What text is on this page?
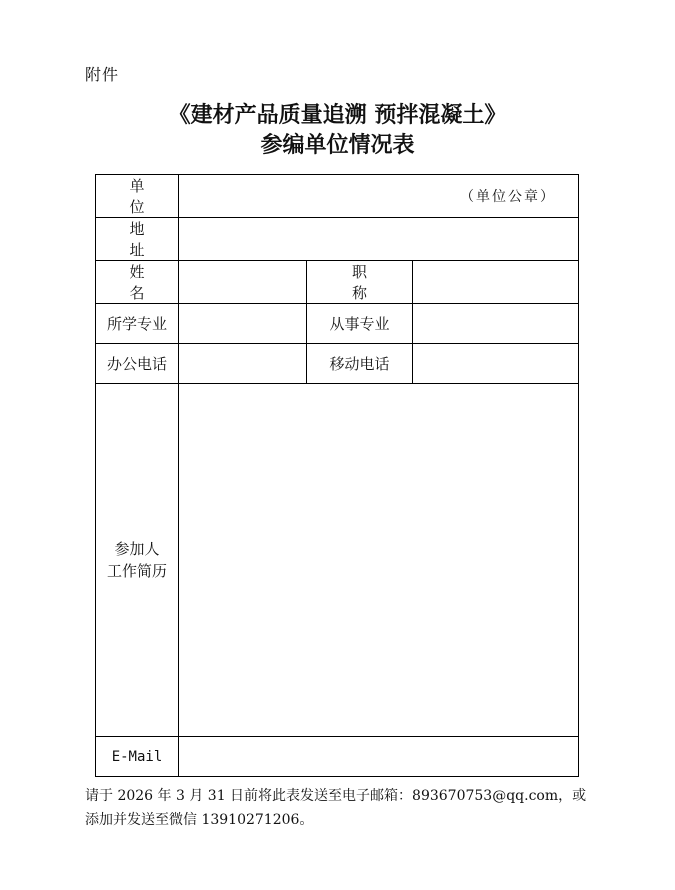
附件
《建材产品质量追溯 预拌混凝土》
参编单位情况表
单 位	（单位公章）		
地 址			
姓 名		职 称	
所学专业		从事专业	
办公电话		移动电话	

参加人
工作简历			

E-Mail			
请于 2026 年 3 月 31 日前将此表发送至电子邮箱：893670753@qq.com，或
添加并发送至微信 13910271206。
